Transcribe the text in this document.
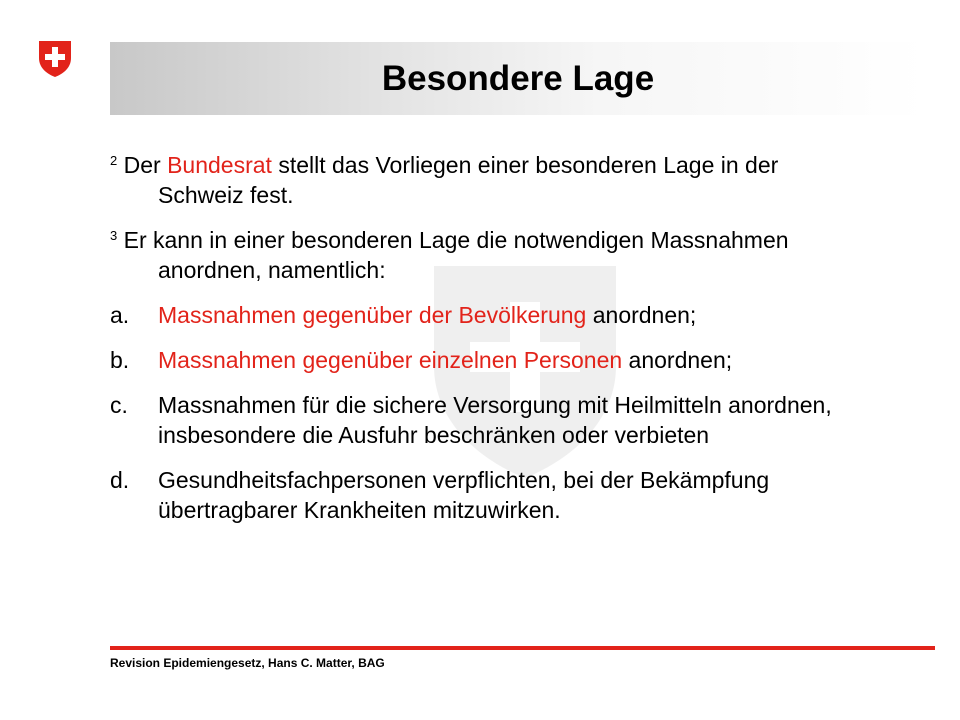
Besondere Lage
$^2$ Der Bundesrat stellt das Vorliegen einer besonderen Lage in der
Schweiz fest.
$^3$ Er kann in einer besonderen Lage die notwendigen Massnahmen
anordnen, namentlich:
a. Massnahmen gegenüber der Bevölkerung anordnen;
b. Massnahmen gegenüber einzelnen Personen anordnen;
c. Massnahmen für die sichere Versorgung mit Heilmitteln anordnen,
insbesondere die Ausfuhr beschränken oder verbieten
d. Gesundheitsfachpersonen verpflichten, bei der Bekämpfung
übertragbarer Krankheiten mitzuwirken.
Revision Epidemiengesetz, Hans C. Matter, BAG
